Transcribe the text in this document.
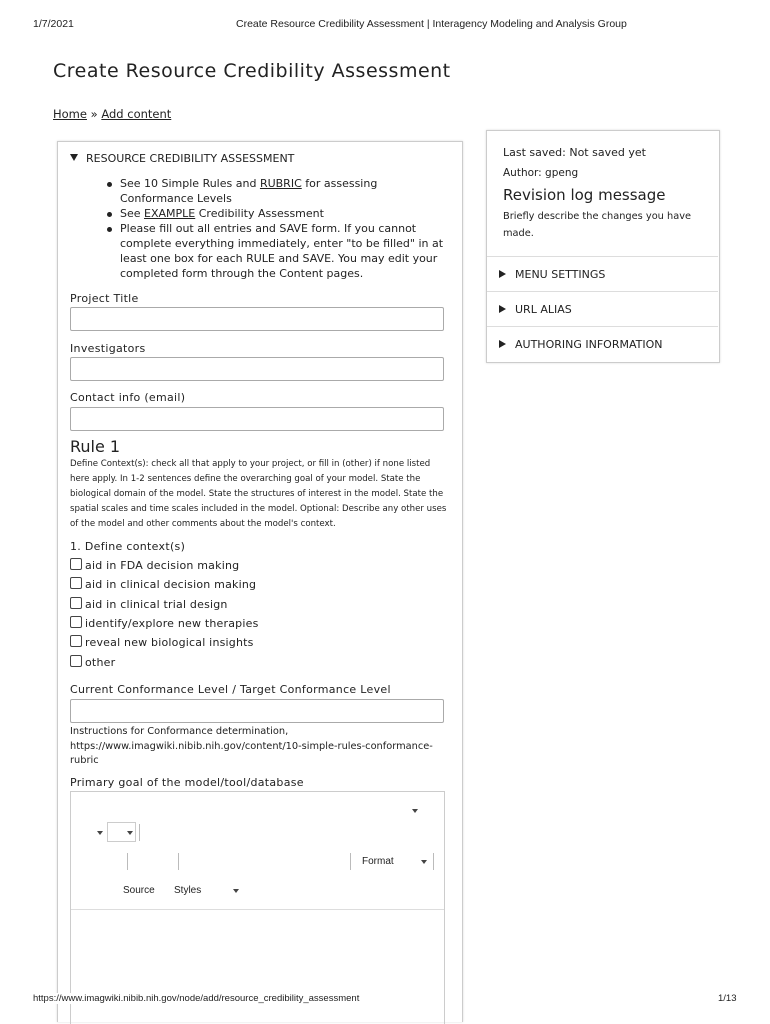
1/7/2021	Create Resource Credibility Assessment | Interagency Modeling and Analysis Group
Create Resource Credibility Assessment
Home » Add content
RESOURCE CREDIBILITY ASSESSMENT
See 10 Simple Rules and RUBRIC for assessing Conformance Levels
See EXAMPLE Credibility Assessment
Please fill out all entries and SAVE form. If you cannot complete everything immediately, enter "to be filled" in at least one box for each RULE and SAVE. You may edit your completed form through the Content pages.
Project Title
Investigators
Contact info (email)
Rule 1
Define Context(s): check all that apply to your project, or fill in (other) if none listed here apply. In 1-2 sentences define the overarching goal of your model. State the biological domain of the model. State the structures of interest in the model. State the spatial scales and time scales included in the model. Optional: Describe any other uses of the model and other comments about the model's context.
1. Define context(s)
aid in FDA decision making
aid in clinical decision making
aid in clinical trial design
identify/explore new therapies
reveal new biological insights
other
Current Conformance Level / Target Conformance Level
Instructions for Conformance determination, https://www.imagwiki.nibib.nih.gov/content/10-simple-rules-conformance-rubric
Primary goal of the model/tool/database
Format
Source Styles
Last saved: Not saved yet
Author: gpeng
Revision log message
Briefly describe the changes you have made.
MENU SETTINGS
URL ALIAS
AUTHORING INFORMATION
https://www.imagwiki.nibib.nih.gov/node/add/resource_credibility_assessment	1/13
